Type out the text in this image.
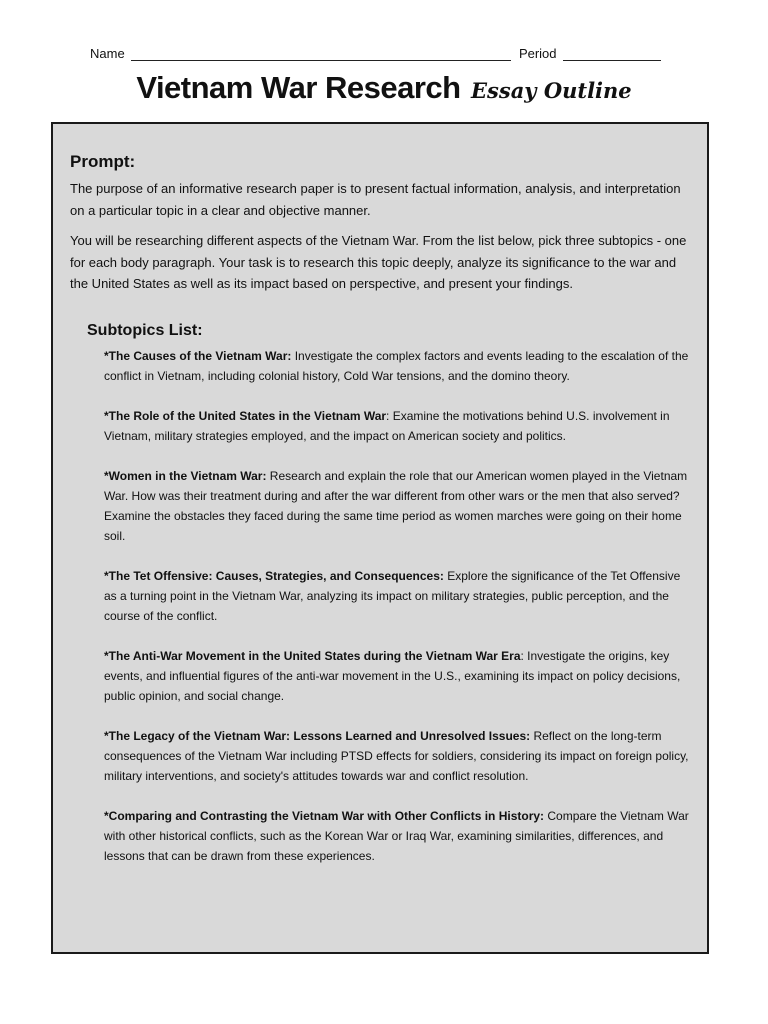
Name	Period
Vietnam War Research Essay Outline
Prompt:

The purpose of an informative research paper is to present factual information, analysis, and interpretation on a particular topic in a clear and objective manner.

You will be researching different aspects of the Vietnam War. From the list below, pick three subtopics - one for each body paragraph. Your task is to research this topic deeply, analyze its significance to the war and the United States as well as its impact based on perspective, and present your findings.

Subtopics List:

*The Causes of the Vietnam War: Investigate the complex factors and events leading to the escalation of the conflict in Vietnam, including colonial history, Cold War tensions, and the domino theory.

*The Role of the United States in the Vietnam War: Examine the motivations behind U.S. involvement in Vietnam, military strategies employed, and the impact on American society and politics.

*Women in the Vietnam War: Research and explain the role that our American women played in the Vietnam War. How was their treatment during and after the war different from other wars or the men that also served? Examine the obstacles they faced during the same time period as women marches were going on their home soil.

*The Tet Offensive: Causes, Strategies, and Consequences: Explore the significance of the Tet Offensive as a turning point in the Vietnam War, analyzing its impact on military strategies, public perception, and the course of the conflict.

*The Anti-War Movement in the United States during the Vietnam War Era: Investigate the origins, key events, and influential figures of the anti-war movement in the U.S., examining its impact on policy decisions, public opinion, and social change.

*The Legacy of the Vietnam War: Lessons Learned and Unresolved Issues: Reflect on the long-term consequences of the Vietnam War including PTSD effects for soldiers, considering its impact on foreign policy, military interventions, and society's attitudes towards war and conflict resolution.

*Comparing and Contrasting the Vietnam War with Other Conflicts in History: Compare the Vietnam War with other historical conflicts, such as the Korean War or Iraq War, examining similarities, differences, and lessons that can be drawn from these experiences.
